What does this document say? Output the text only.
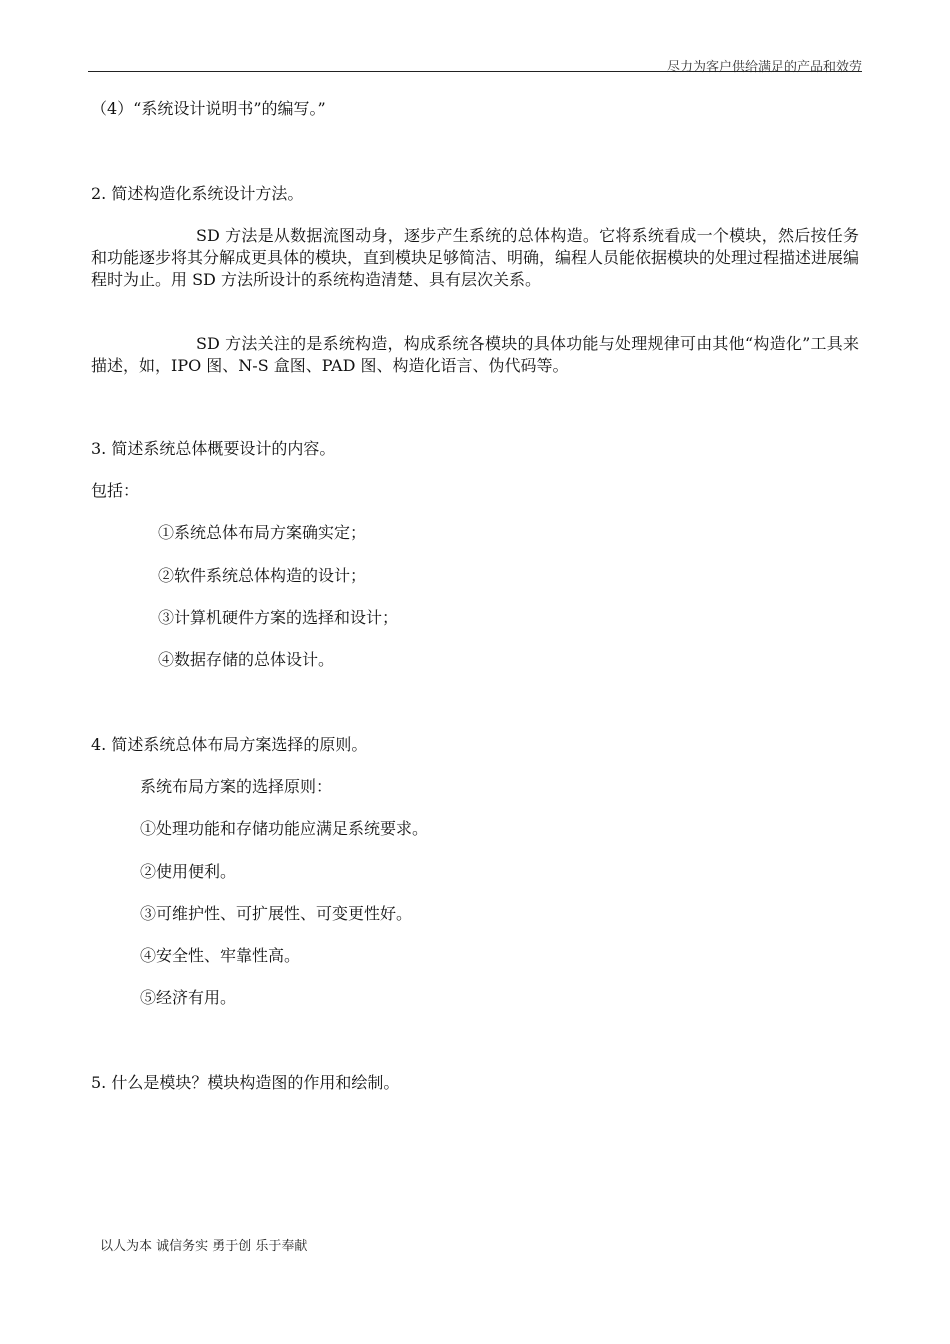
尽力为客户供给满足的产品和效劳
（4）“系统设计说明书”的编写。”
2. 简述构造化系统设计方法。
SD 方法是从数据流图动身，逐步产生系统的总体构造。它将系统看成一个模块，然后按任务和功能逐步将其分解成更具体的模块，直到模块足够简洁、明确，编程人员能依据模块的处理过程描述进展编程时为止。用 SD 方法所设计的系统构造清楚、具有层次关系。
SD 方法关注的是系统构造，构成系统各模块的具体功能与处理规律可由其他“构造化”工具来描述，如，IPO 图、N-S 盒图、PAD 图、构造化语言、伪代码等。
3. 简述系统总体概要设计的内容。
包括：
①系统总体布局方案确实定；
②软件系统总体构造的设计；
③计算机硬件方案的选择和设计；
④数据存储的总体设计。
4. 简述系统总体布局方案选择的原则。
系统布局方案的选择原则：
①处理功能和存储功能应满足系统要求。
②使用便利。
③可维护性、可扩展性、可变更性好。
④安全性、牢靠性高。
⑤经济有用。
5. 什么是模块？模块构造图的作用和绘制。
以人为本 诚信务实 勇于创 乐于奉献
